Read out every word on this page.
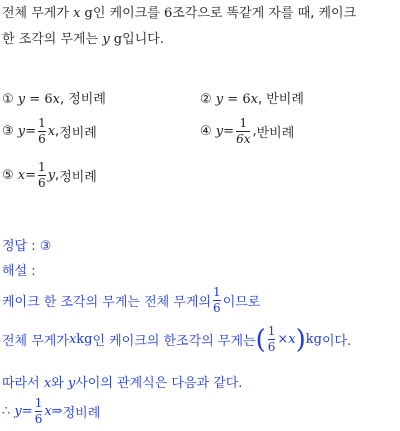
전체 무게가 x g인 케이크를 6조각으로 똑같게 자를 때, 케이크
한 조각의 무게는 y g입니다.
① y = 6x, 정비례	② y = 6x, 반비례
③
$y = \frac{1}{6}$ x , 정비례	④
$y = \frac{1}{6x}$ , 반비례
⑤
$x = \frac{1}{6}$ y , 정비례
정답 : ③
해설 :
케이크 한 조각의 무게는 전체 무게의 $\frac{1}{6}$ 이므로
전체 무게가 x kg 인 케이크의 한조각의 무게는 ( $\frac{1}{6} \times x$ ) kg 이다.
따라서 x와 y사이의 관계식은 다음과 같다.
∴
$y = \frac{1}{6}$ x ⇒ 정비례
